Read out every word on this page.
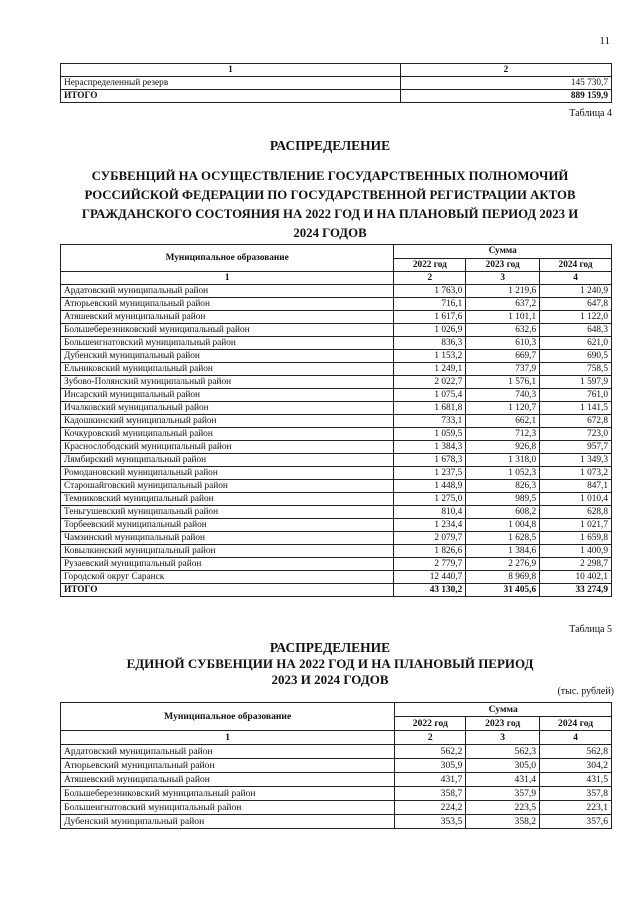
11
1	2
Нераспределенный резерв	145 730,7
ИТОГО	889 159,9
Таблица 4
РАСПРЕДЕЛЕНИЕ
СУБВЕНЦИЙ НА ОСУЩЕСТВЛЕНИЕ ГОСУДАРСТВЕННЫХ ПОЛНОМОЧИЙ
РОССИЙСКОЙ ФЕДЕРАЦИИ ПО ГОСУДАРСТВЕННОЙ РЕГИСТРАЦИИ АКТОВ
ГРАЖДАНСКОГО СОСТОЯНИЯ НА 2022 ГОД И НА ПЛАНОВЫЙ ПЕРИОД 2023 И
2024 ГОДОВ
Муниципальное образование	Сумма		
	2022 год	2023 год	2024 год
1	2	3	4
Ардатовский муниципальный район	1 763,0	1 219,6	1 240,9
Атюрьевский муниципальный район	716,1	637,2	647,8
Атяшевский муниципальный район	1 617,6	1 101,1	1 122,0
Большеберезниковский муниципальный район	1 026,9	632,6	648,3
Большеигнатовский муниципальный район	836,3	610,3	621,0
Дубенский муниципальный район	1 153,2	669,7	690,5
Ельниковский муниципальный район	1 249,1	737,9	758,5
Зубово-Полянский муниципальный район	2 022,7	1 576,1	1 597,9
Инсарский муниципальный район	1 075,4	740,3	761,0
Ичалковский муниципальный район	1 681,8	1 120,7	1 141,5
Кадошкинский муниципальный район	733,1	662,1	672,8
Кочкуровский муниципальный район	1 059,5	712,3	723,0
Краснослободский муниципальный район	1 384,3	926,8	957,7
Лямбирский муниципальный район	1 678,3	1 318,0	1 349,3
Ромодановский муниципальный район	1 237,5	1 052,3	1 073,2
Старошайговский муниципальный район	1 448,9	826,3	847,1
Темниковский муниципальный район	1 275,0	989,5	1 010,4
Теньгушевский муниципальный район	810,4	608,2	628,8
Торбеевский муниципальный район	1 234,4	1 004,8	1 021,7
Чамзинский муниципальный район	2 079,7	1 628,5	1 659,8
Ковылкинский муниципальный район	1 826,6	1 384,6	1 400,9
Рузаевский муниципальный район	2 779,7	2 276,9	2 298,7
Городской округ Саранск	12 440,7	8 969,8	10 402,1
ИТОГО	43 130,2	31 405,6	33 274,9
Таблица 5
РАСПРЕДЕЛЕНИЕ
ЕДИНОЙ СУБВЕНЦИИ НА 2022 ГОД И НА ПЛАНОВЫЙ ПЕРИОД
2023 И 2024 ГОДОВ
(тыс. рублей)
Муниципальное образование	Сумма		
	2022 год	2023 год	2024 год
1	2	3	4
Ардатовский муниципальный район	562,2	562,3	562,8
Атюрьевский муниципальный район	305,9	305,0	304,2
Атяшевский муниципальный район	431,7	431,4	431,5
Большеберезниковский муниципальный район	358,7	357,9	357,8
Большеигнатовский муниципальный район	224,2	223,5	223,1
Дубенский муниципальный район	353,5	358,2	357,6
